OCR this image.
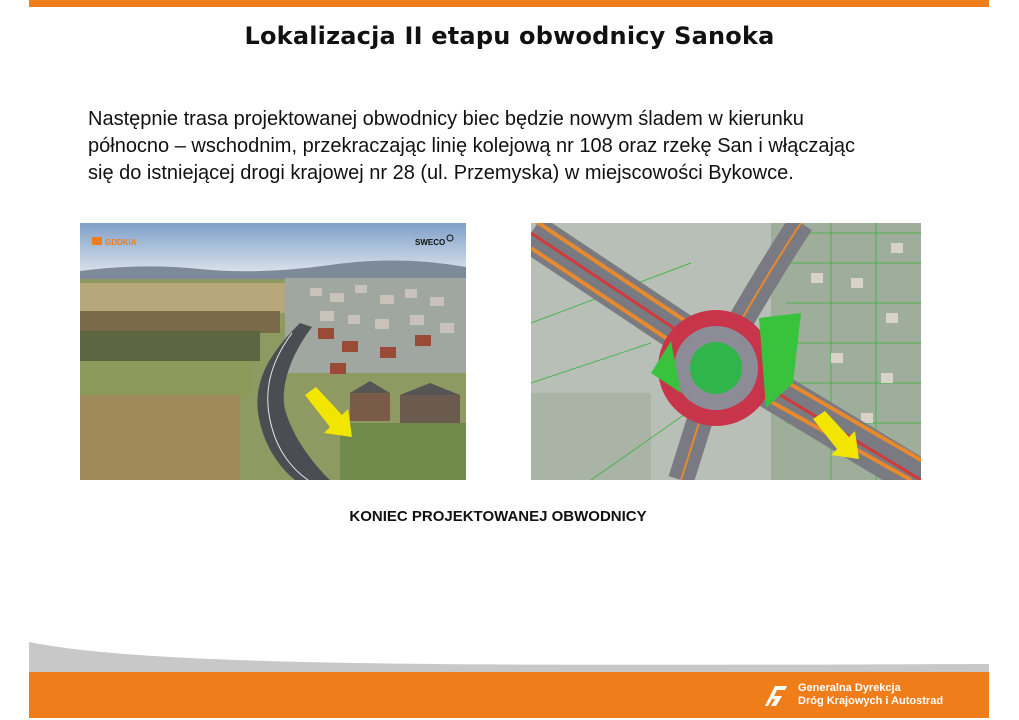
Lokalizacja II etapu obwodnicy Sanoka
Następnie trasa projektowanej obwodnicy biec będzie nowym śladem w kierunku
północno – wschodnim, przekraczając linię kolejową nr 108 oraz rzekę San i włączając
się do istniejącej drogi krajowej nr 28 (ul. Przemyska) w miejscowości Bykowce.
GDDKiA	SWECO
KONIEC PROJEKTOWANEJ OBWODNICY
Generalna Dyrekcja
Dróg Krajowych i Autostrad
